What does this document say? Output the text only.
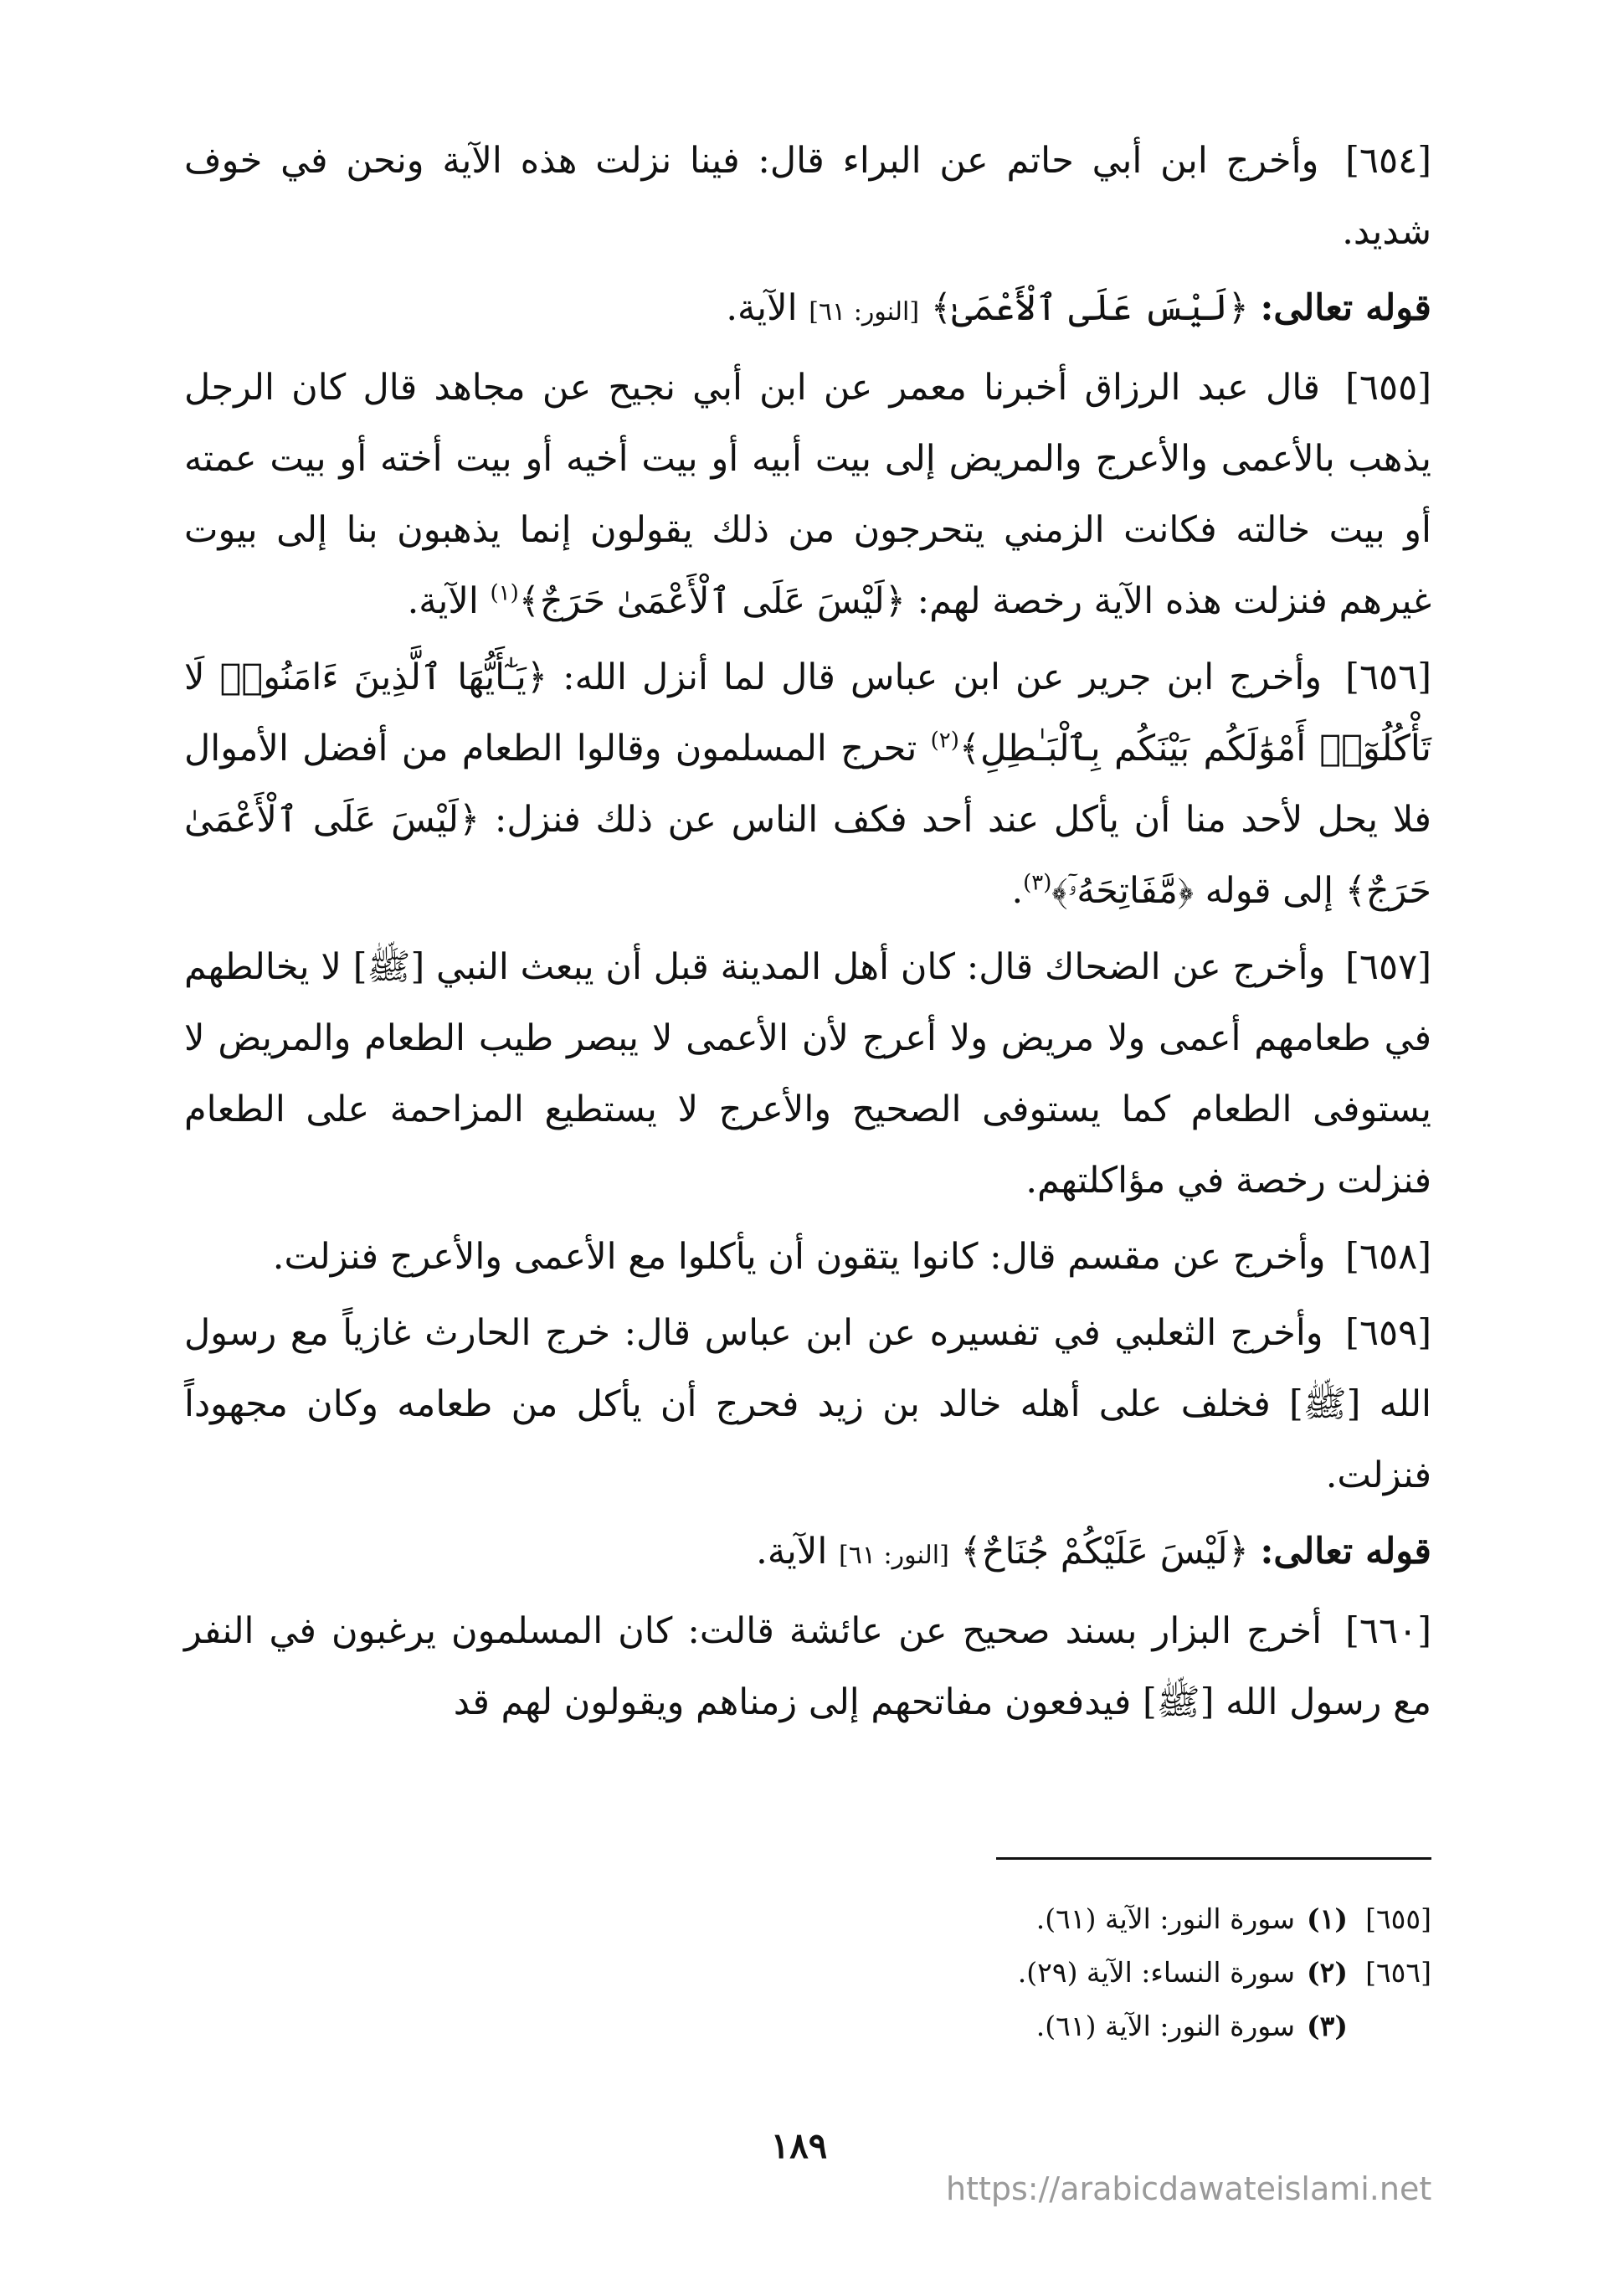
[٦٥٤] وأخرج ابن أبي حاتم عن البراء قال: فينا نزلت هذه الآية ونحن في خوف شديد.

قوله تعالى: ﴿لَيْسَ عَلَى ٱلْأَعْمَىٰ﴾ [النور: ٦١] الآية.

[٦٥٥] قال عبد الرزاق أخبرنا معمر عن ابن أبي نجيح عن مجاهد قال كان الرجل يذهب بالأعمى والأعرج والمريض إلى بيت أبيه أو بيت أخيه أو بيت أخته أو بيت عمته أو بيت خالته فكانت الزمني يتحرجون من ذلك يقولون إنما يذهبون بنا إلى بيوت غيرهم فنزلت هذه الآية رخصة لهم: ﴿لَيْسَ عَلَى ٱلْأَعْمَىٰ حَرَجٌ﴾$^{(١)}$ الآية.

[٦٥٦] وأخرج ابن جرير عن ابن عباس قال لما أنزل الله: ﴿يَـٰٓأَيُّهَا ٱلَّذِينَ ءَامَنُوا۟ لَا تَأْكُلُوٓا۟ أَمْوَٰلَكُم بَيْنَكُم بِٱلْبَـٰطِلِ﴾$^{(٢)}$ تحرج المسلمون وقالوا الطعام من أفضل الأموال فلا يحل لأحد منا أن يأكل عند أحد فكف الناس عن ذلك فنزل: ﴿لَيْسَ عَلَى ٱلْأَعْمَىٰ حَرَجٌ﴾ إلى قوله ﴿مَّفَاتِحَهُۥٓ﴾$^{(٣)}$.

[٦٥٧] وأخرج عن الضحاك قال: كان أهل المدينة قبل أن يبعث النبي [ﷺ] لا يخالطهم في طعامهم أعمى ولا مريض ولا أعرج لأن الأعمى لا يبصر طيب الطعام والمريض لا يستوفى الطعام كما يستوفى الصحيح والأعرج لا يستطيع المزاحمة على الطعام فنزلت رخصة في مؤاكلتهم.

[٦٥٨] وأخرج عن مقسم قال: كانوا يتقون أن يأكلوا مع الأعمى والأعرج فنزلت.

[٦٥٩] وأخرج الثعلبي في تفسيره عن ابن عباس قال: خرج الحارث غازياً مع رسول الله [ﷺ] فخلف على أهله خالد بن زيد فحرج أن يأكل من طعامه وكان مجهوداً فنزلت.

قوله تعالى: ﴿لَيْسَ عَلَيْكُمْ جُنَاحٌ﴾ [النور: ٦١] الآية.

[٦٦٠] أخرج البزار بسند صحيح عن عائشة قالت: كان المسلمون يرغبون في النفر مع رسول الله [ﷺ] فيدفعون مفاتحهم إلى زمناهم ويقولون لهم قد

[٦٥٥]
(١)
سورة النور: الآية (٦١).
[٦٥٦]
(٢)
سورة النساء: الآية (٢٩).
(٣)
سورة النور: الآية (٦١).
١٨٩
https://arabicdawateislami.net
